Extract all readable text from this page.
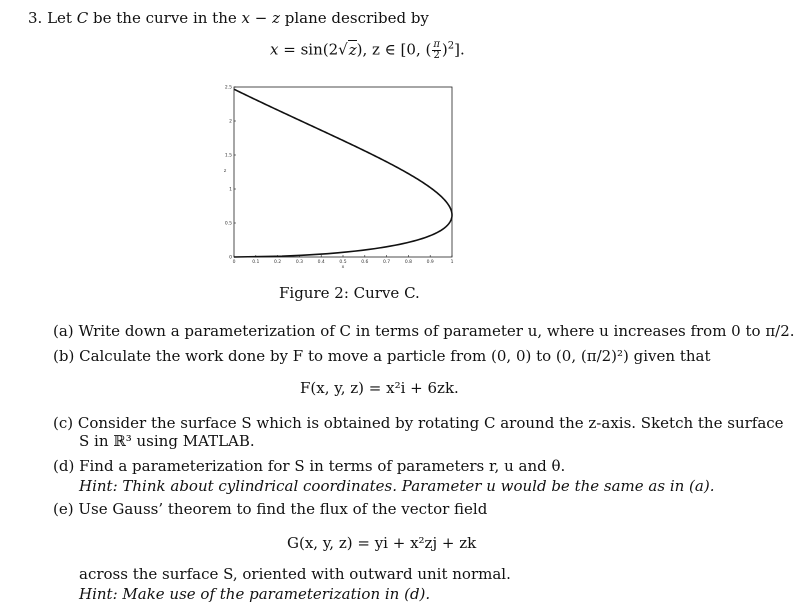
3. Let C be the curve in the x − z plane described by
x = sin(2√z), z ∈ [0, ( $\frac{\pi}{2} )^2$].
0	0.1	0.2	0.3	0.4	0.5	0.6	0.7	0.8	0.9	1
0
0.5
1
1.5
2
2.5
x
z
Figure 2: Curve C.
(a) Write down a parameterization of C in terms of parameter u, where u increases from 0 to π/2.
(b) Calculate the work done by F to move a particle from (0, 0) to (0, (π/2)²) given that
F(x, y, z) = x²i + 6zk.
(c) Consider the surface S which is obtained by rotating C around the z-axis. Sketch the surface
S in ℝ³ using MATLAB.
(d) Find a parameterization for S in terms of parameters r, u and θ.
Hint: Think about cylindrical coordinates. Parameter u would be the same as in (a).
(e) Use Gauss’ theorem to find the flux of the vector field
G(x, y, z) = yi + x²zj + zk
across the surface S, oriented with outward unit normal.
Hint: Make use of the parameterization in (d).
